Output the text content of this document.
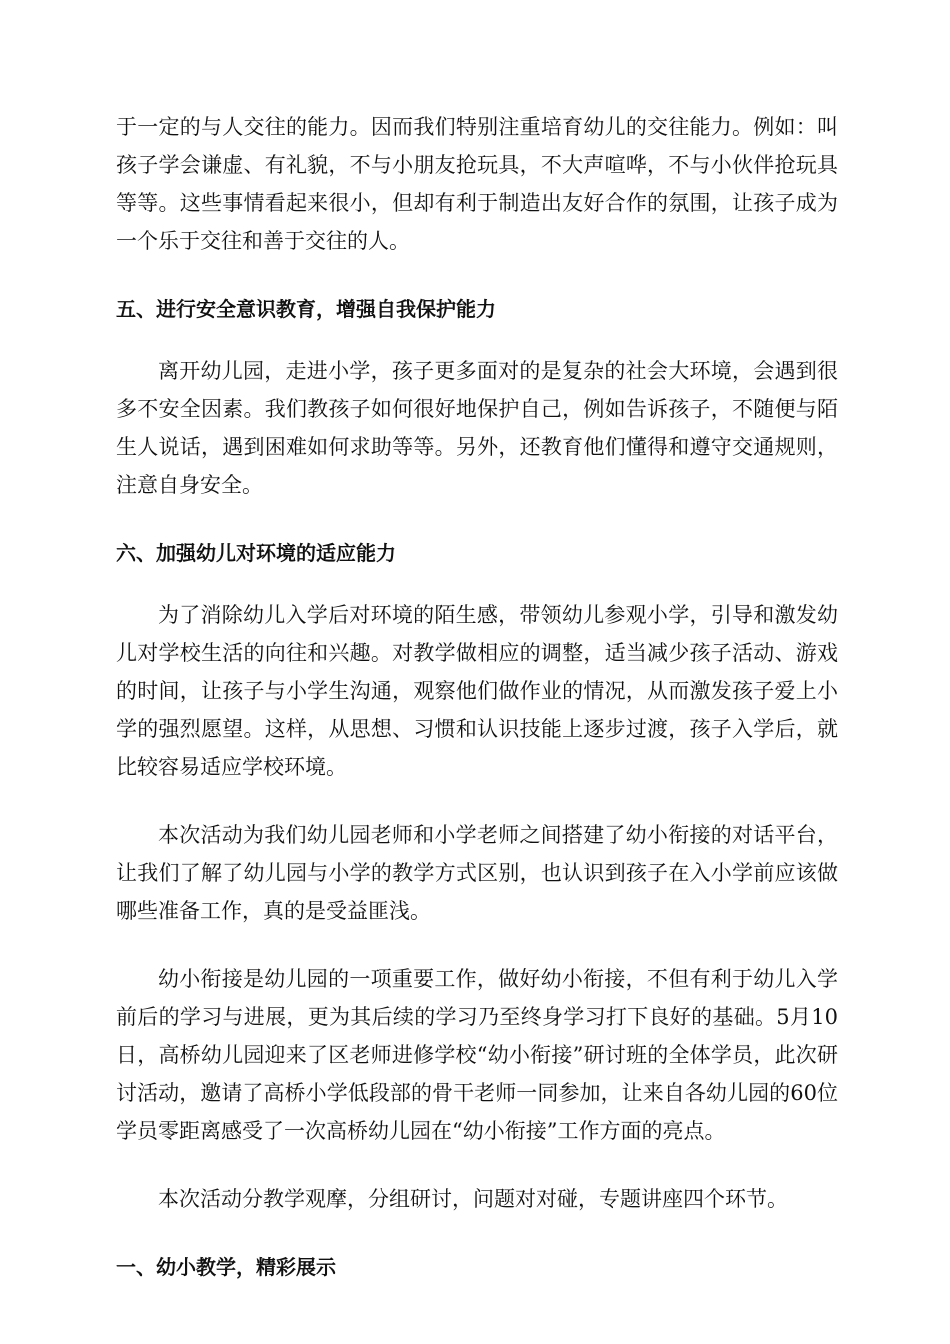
于一定的与人交往的能力。因而我们特别注重培育幼儿的交往能力。例如：叫孩子学会谦虚、有礼貌，不与小朋友抢玩具，不大声喧哗，不与小伙伴抢玩具等等。这些事情看起来很小，但却有利于制造出友好合作的氛围，让孩子成为一个乐于交往和善于交往的人。

五、进行安全意识教育，增强自我保护能力

离开幼儿园，走进小学，孩子更多面对的是复杂的社会大环境，会遇到很多不安全因素。我们教孩子如何很好地保护自己，例如告诉孩子，不随便与陌生人说话，遇到困难如何求助等等。另外，还教育他们懂得和遵守交通规则，注意自身安全。

六、加强幼儿对环境的适应能力

为了消除幼儿入学后对环境的陌生感，带领幼儿参观小学，引导和激发幼儿对学校生活的向往和兴趣。对教学做相应的调整，适当减少孩子活动、游戏的时间，让孩子与小学生沟通，观察他们做作业的情况，从而激发孩子爱上小学的强烈愿望。这样，从思想、习惯和认识技能上逐步过渡，孩子入学后，就比较容易适应学校环境。

本次活动为我们幼儿园老师和小学老师之间搭建了幼小衔接的对话平台，让我们了解了幼儿园与小学的教学方式区别，也认识到孩子在入小学前应该做哪些准备工作，真的是受益匪浅。

幼小衔接是幼儿园的一项重要工作，做好幼小衔接，不但有利于幼儿入学前后的学习与进展，更为其后续的学习乃至终身学习打下良好的基础。5月10日，高桥幼儿园迎来了区老师进修学校“幼小衔接”研讨班的全体学员，此次研讨活动，邀请了高桥小学低段部的骨干老师一同参加，让来自各幼儿园的60位学员零距离感受了一次高桥幼儿园在“幼小衔接”工作方面的亮点。

本次活动分教学观摩，分组研讨，问题对对碰，专题讲座四个环节。

一、幼小教学，精彩展示
